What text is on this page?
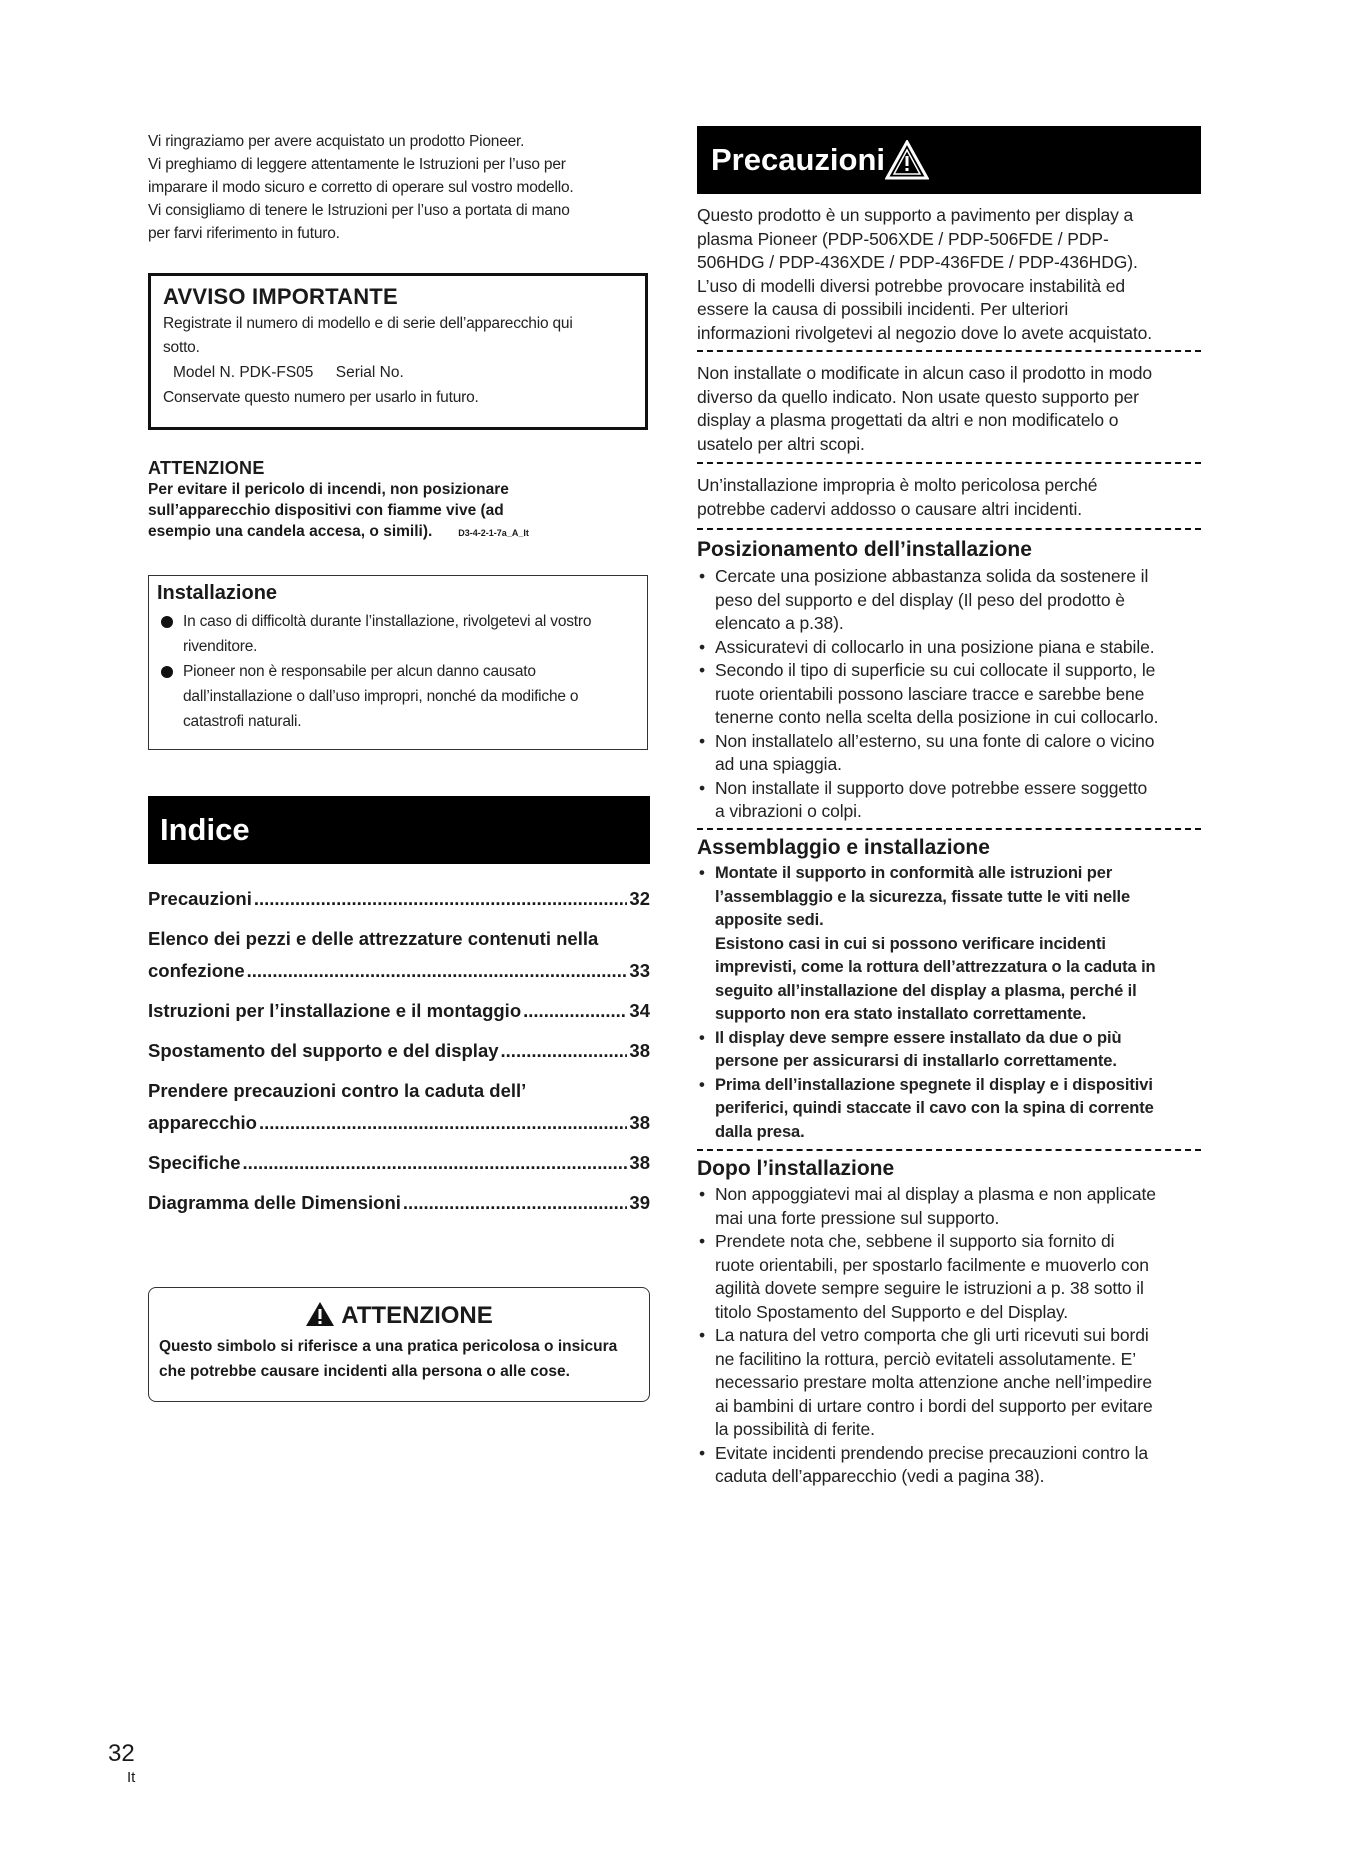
Vi ringraziamo per avere acquistato un prodotto Pioneer.
Vi preghiamo di leggere attentamente le Istruzioni per l’uso per
imparare il modo sicuro e corretto di operare sul vostro modello.
Vi consigliamo di tenere le Istruzioni per l’uso a portata di mano
per farvi riferimento in futuro.
AVVISO IMPORTANTE
Registrate il numero di modello e di serie dell’apparecchio qui
sotto.
Model N. PDK-FS05 Serial No.
Conservate questo numero per usarlo in futuro.
ATTENZIONE
Per evitare il pericolo di incendi, non posizionare
sull’apparecchio dispositivi con fiamme vive (ad
esempio una candela accesa, o simili).	D3-4-2-1-7a_A_It
Installazione
In caso di difficoltà durante l’installazione, rivolgetevi al vostro
rivenditore.
Pioneer non è responsabile per alcun danno causato
dall’installazione o dall’uso impropri, nonché da modifiche o
catastrofi naturali.
Indice
Precauzioni .....	32
Elenco dei pezzi e delle attrezzature contenuti nella
confezione .....	33
Istruzioni per l’installazione e il montaggio .....	34
Spostamento del supporto e del display .....	38
Prendere precauzioni contro la caduta dell’
apparecchio .....	38
Specifiche .....	38
Diagramma delle Dimensioni .....	39
ATTENZIONE
Questo simbolo si riferisce a una pratica pericolosa o insicura
che potrebbe causare incidenti alla persona o alle cose.
32
It
Precauzioni
Questo prodotto è un supporto a pavimento per display a
plasma Pioneer (PDP-506XDE / PDP-506FDE / PDP-
506HDG / PDP-436XDE / PDP-436FDE / PDP-436HDG).
L’uso di modelli diversi potrebbe provocare instabilità ed
essere la causa di possibili incidenti. Per ulteriori
informazioni rivolgetevi al negozio dove lo avete acquistato.
Non installate o modificate in alcun caso il prodotto in modo
diverso da quello indicato. Non usate questo supporto per
display a plasma progettati da altri e non modificatelo o
usatelo per altri scopi.
Un’installazione impropria è molto pericolosa perché
potrebbe cadervi addosso o causare altri incidenti.
Posizionamento dell’installazione
• Cercate una posizione abbastanza solida da sostenere il
peso del supporto e del display (Il peso del prodotto è
elencato a p.38).
• Assicuratevi di collocarlo in una posizione piana e stabile.
• Secondo il tipo di superficie su cui collocate il supporto, le
ruote orientabili possono lasciare tracce e sarebbe bene
tenerne conto nella scelta della posizione in cui collocarlo.
• Non installatelo all’esterno, su una fonte di calore o vicino
ad una spiaggia.
• Non installate il supporto dove potrebbe essere soggetto
a vibrazioni o colpi.
Assemblaggio e installazione
• Montate il supporto in conformità alle istruzioni per
l’assemblaggio e la sicurezza, fissate tutte le viti nelle
apposite sedi.
Esistono casi in cui si possono verificare incidenti
imprevisti, come la rottura dell’attrezzatura o la caduta in
seguito all’installazione del display a plasma, perché il
supporto non era stato installato correttamente.
• Il display deve sempre essere installato da due o più
persone per assicurarsi di installarlo correttamente.
• Prima dell’installazione spegnete il display e i dispositivi
periferici, quindi staccate il cavo con la spina di corrente
dalla presa.
Dopo l’installazione
• Non appoggiatevi mai al display a plasma e non applicate
mai una forte pressione sul supporto.
• Prendete nota che, sebbene il supporto sia fornito di
ruote orientabili, per spostarlo facilmente e muoverlo con
agilità dovete sempre seguire le istruzioni a p. 38 sotto il
titolo Spostamento del Supporto e del Display.
• La natura del vetro comporta che gli urti ricevuti sui bordi
ne facilitino la rottura, perciò evitateli assolutamente. E’
necessario prestare molta attenzione anche nell’impedire
ai bambini di urtare contro i bordi del supporto per evitare
la possibilità di ferite.
• Evitate incidenti prendendo precise precauzioni contro la
caduta dell’apparecchio (vedi a pagina 38).
